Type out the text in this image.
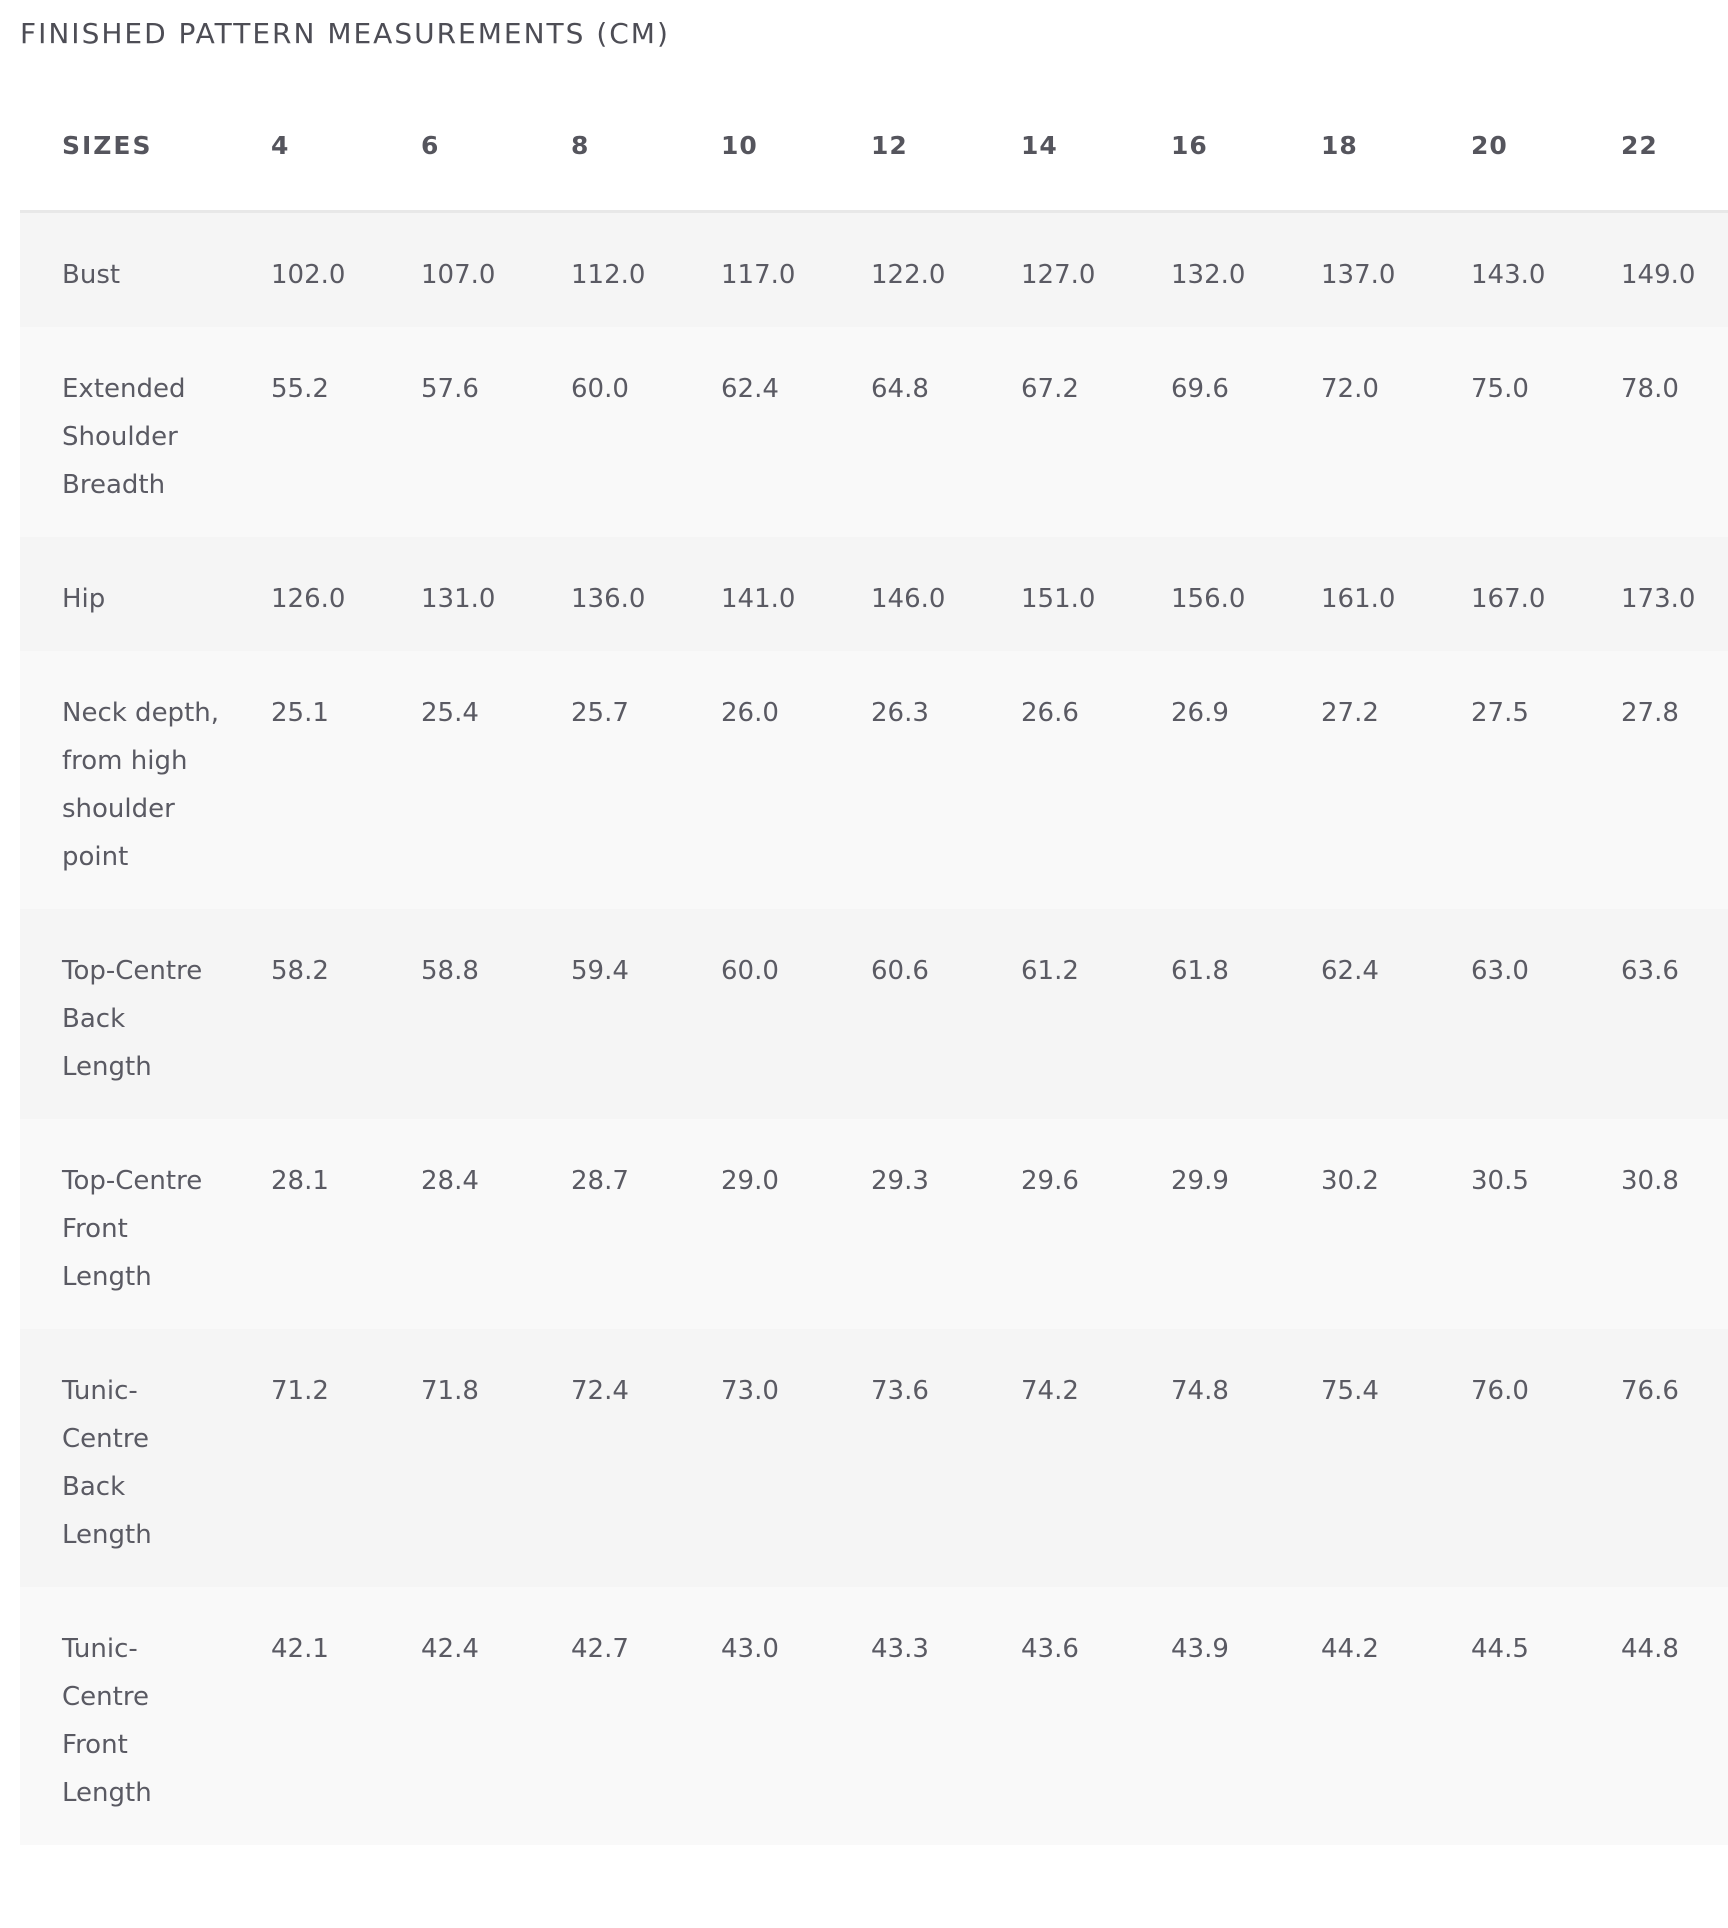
FINISHED PATTERN MEASUREMENTS (CM)
SIZES	4	6	8	10	12	14	16	18	20	22
Bust	102.0	107.0	112.0	117.0	122.0	127.0	132.0	137.0	143.0	149.0
Extended Shoulder Breadth	55.2	57.6	60.0	62.4	64.8	67.2	69.6	72.0	75.0	78.0
Hip	126.0	131.0	136.0	141.0	146.0	151.0	156.0	161.0	167.0	173.0
Neck depth, from high shoulder point	25.1	25.4	25.7	26.0	26.3	26.6	26.9	27.2	27.5	27.8
Top-Centre Back Length	58.2	58.8	59.4	60.0	60.6	61.2	61.8	62.4	63.0	63.6
Top-Centre Front Length	28.1	28.4	28.7	29.0	29.3	29.6	29.9	30.2	30.5	30.8
Tunic-Centre Back Length	71.2	71.8	72.4	73.0	73.6	74.2	74.8	75.4	76.0	76.6
Tunic-Centre Front Length	42.1	42.4	42.7	43.0	43.3	43.6	43.9	44.2	44.5	44.8
